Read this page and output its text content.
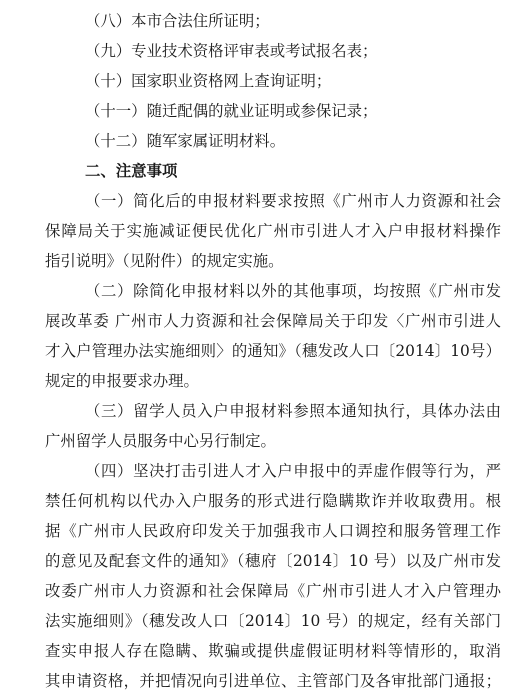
（八）本市合法住所证明；
（九）专业技术资格评审表或考试报名表；
（十）国家职业资格网上查询证明；
（十一）随迁配偶的就业证明或参保记录；
（十二）随军家属证明材料。
二、注意事项
（一）简化后的申报材料要求按照《广州市人力资源和社会
保障局关于实施减证便民优化广州市引进人才入户申报材料操作
指引说明》（见附件）的规定实施。
（二）除简化申报材料以外的其他事项，均按照《广州市发
展改革委 广州市人力资源和社会保障局关于印发〈广州市引进人
才入户管理办法实施细则〉的通知》（穗发改人口〔2014〕10号）
规定的申报要求办理。
（三）留学人员入户申报材料参照本通知执行，具体办法由
广州留学人员服务中心另行制定。
（四）坚决打击引进人才入户申报中的弄虚作假等行为，严
禁任何机构以代办入户服务的形式进行隐瞒欺诈并收取费用。根
据《广州市人民政府印发关于加强我市人口调控和服务管理工作
的意见及配套文件的通知》（穗府〔2014〕10 号）以及广州市发
改委广州市人力资源和社会保障局《广州市引进人才入户管理办
法实施细则》（穗发改人口〔2014〕10 号）的规定，经有关部门
查实申报人存在隐瞒、欺骗或提供虚假证明材料等情形的，取消
其申请资格，并把情况向引进单位、主管部门及各审批部门通报；
